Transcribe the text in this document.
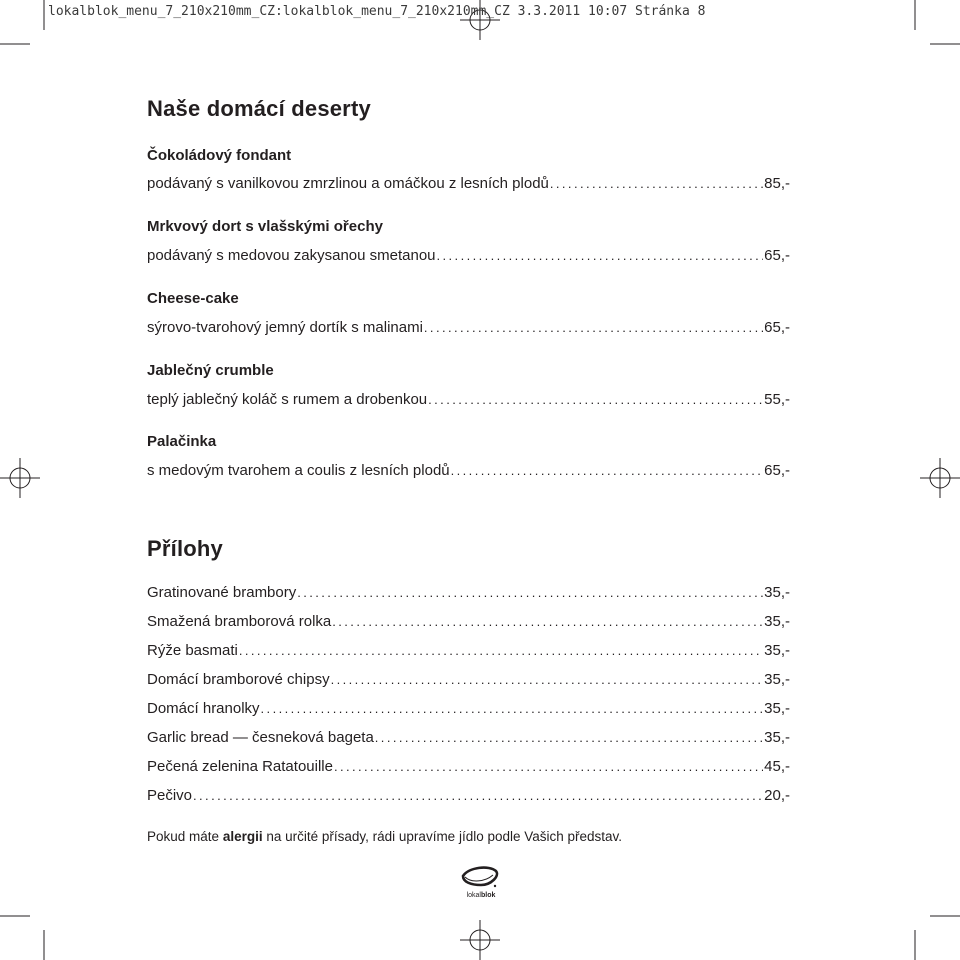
lokalblok_menu_7_210x210mm_CZ:lokalblok_menu_7_210x210mm_CZ 3.3.2011 10:07 Stránka 8
Naše domácí deserty
Čokoládový fondant
podávaný s vanilkovou zmrzlinou a omáčkou z lesních plodů .....	85,-
Mrkvový dort s vlašskými ořechy
podávaný s medovou zakysanou smetanou .....	65,-
Cheese-cake
sýrovo-tvarohový jemný dortík s malinami .....	65,-
Jablečný crumble
teplý jablečný koláč s rumem a drobenkou .....	55,-
Palačinka
s medovým tvarohem a coulis z lesních plodů .....	65,-
Přílohy
Gratinované brambory .....	35,-
Smažená bramborová rolka .....	35,-
Rýže basmati .....	35,-
Domácí bramborové chipsy .....	35,-
Domácí hranolky .....	35,-
Garlic bread — česneková bageta .....	35,-
Pečená zelenina Ratatouille .....	45,-
Pečivo .....	20,-
Pokud máte alergii na určité přísady, rádi upravíme jídlo podle Vašich představ.
lokalblok
